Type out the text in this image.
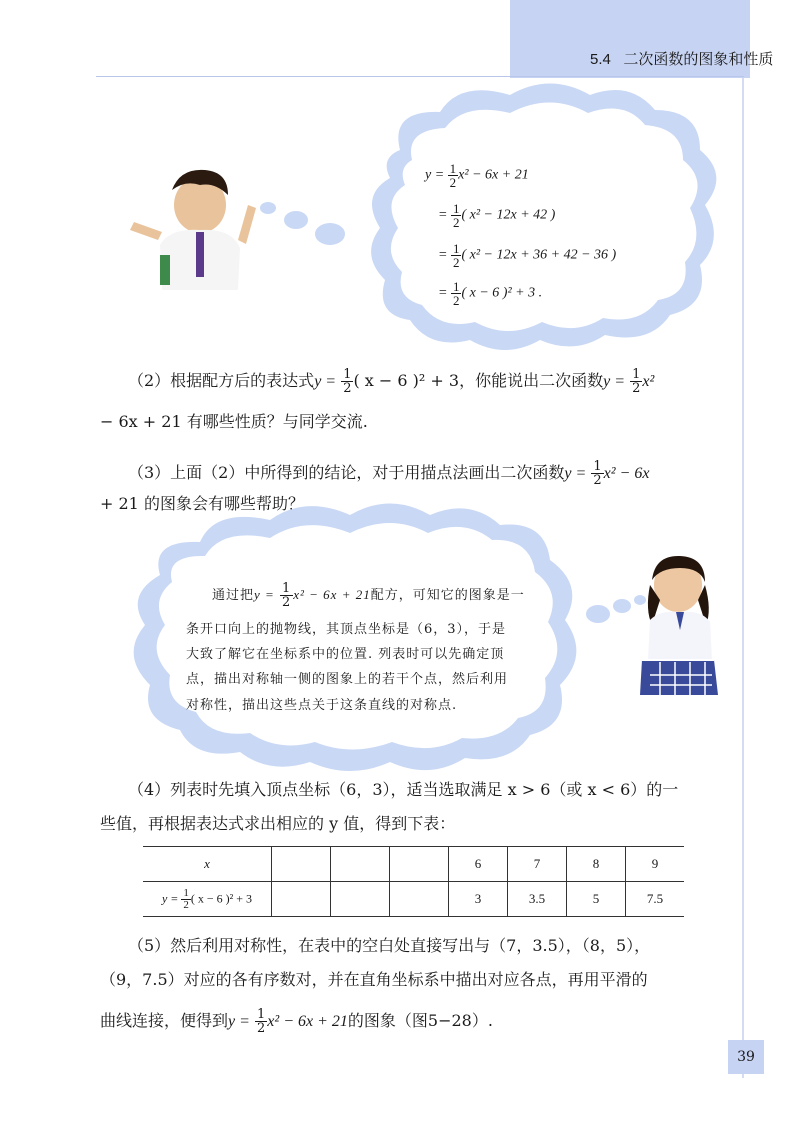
5.4 二次函数的图象和性质
$y = \frac{1}{2} x^2 - 6x + 21$
= $\frac{1}{2}$ ( x² − 12x + 42 )
= $\frac{1}{2}$ ( x² − 12x + 36 + 42 − 36 )
= $\frac{1}{2}$ ( x − 6 )² + 3 .
（2）根据配方后的表达式$y = \frac{1}{2}$ ( x − 6 )² + 3，你能说出二次函数$y = \frac{1}{2} x^2$
− 6x + 21 有哪些性质？与同学交流.
（3）上面（2）中所得到的结论，对于用描点法画出二次函数$y = \frac{1}{2} x^2 - 6x$
+ 21 的图象会有哪些帮助？
通过把$y = \frac{1}{2} x^2 - 6x + 21$配方，可知它的图象是一
条开口向上的抛物线，其顶点坐标是（6，3），于是
大致了解它在坐标系中的位置. 列表时可以先确定顶
点，描出对称轴一侧的图象上的若干个点，然后利用
对称性，描出这些点关于这条直线的对称点.
（4）列表时先填入顶点坐标（6，3），适当选取满足 x > 6（或 x < 6）的一
些值，再根据表达式求出相应的 y 值，得到下表：
x				6	7	8	9
$y = \frac{1}{2}$ ( x − 6 )² + 3				3	3.5	5	7.5
（5）然后利用对称性，在表中的空白处直接写出与（7，3.5），（8，5），
（9，7.5）对应的各有序数对，并在直角坐标系中描出对应各点，再用平滑的
曲线连接，便得到$y = \frac{1}{2} x^2 - 6x + 21$的图象（图5−28）.
39
